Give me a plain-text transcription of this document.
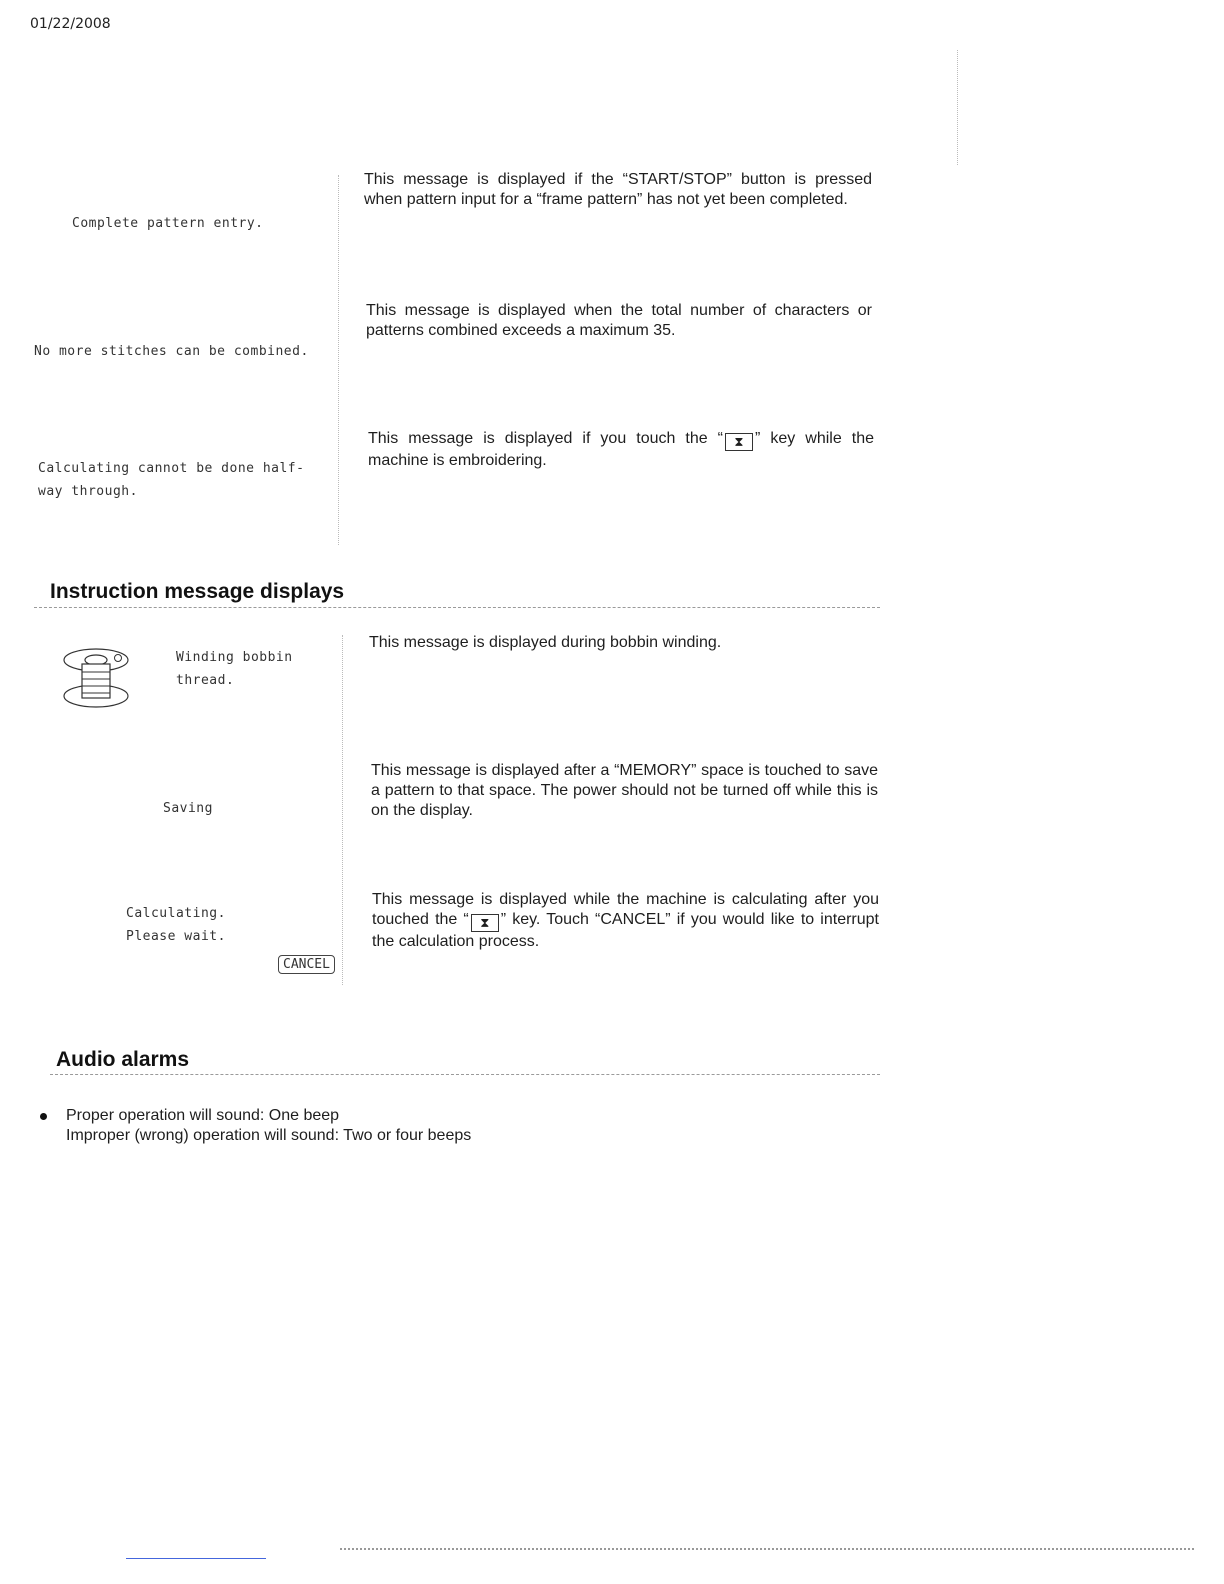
01/22/2008
Complete pattern entry.
This message is displayed if the “START/STOP” button is pressed when pattern input for a “frame pattern” has not yet been completed.
No more stitches can be combined.
This message is displayed when the total number of characters or patterns combined exceeds a maximum 35.
Calculating cannot be done half-
way through.
This message is displayed if you touch the “ ⧗ ” key while the machine is embroidering.
Instruction message displays
Winding bobbin
thread.
This message is displayed during bobbin winding.
Saving
This message is displayed after a “MEMORY” space is touched to save a pattern to that space. The power should not be turned off while this is on the display.
Calculating.
Please wait.
CANCEL
This message is displayed while the machine is calculating after you touched the “ ⧗ ” key. Touch “CANCEL” if you would like to interrupt the calculation process.
Audio alarms
Proper operation will sound: One beep
Improper (wrong) operation will sound: Two or four beeps
